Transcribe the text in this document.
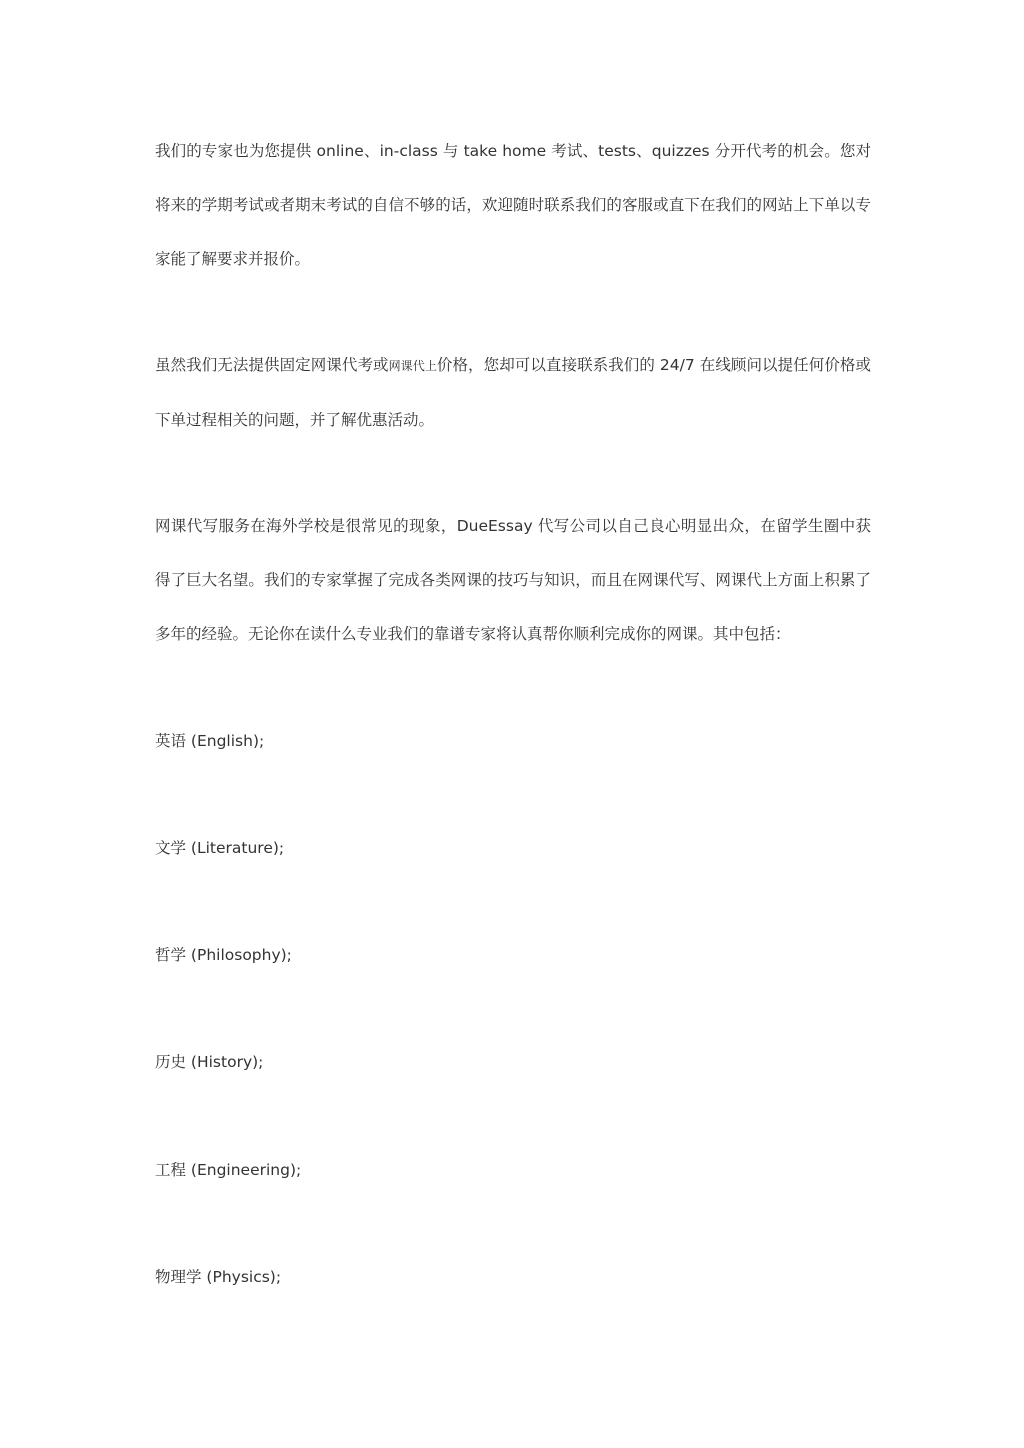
我们的专家也为您提供 online、in-class 与 take home 考试、tests、quizzes 分开代考的机会。您对将来的学期考试或者期末考试的自信不够的话，欢迎随时联系我们的客服或直下在我们的网站上下单以专家能了解要求并报价。

虽然我们无法提供固定网课代考或网课代上价格，您却可以直接联系我们的 24/7 在线顾问以提任何价格或下单过程相关的问题，并了解优惠活动。

网课代写服务在海外学校是很常见的现象，DueEssay 代写公司以自己良心明显出众，在留学生圈中获得了巨大名望。我们的专家掌握了完成各类网课的技巧与知识，而且在网课代写、网课代上方面上积累了多年的经验。无论你在读什么专业我们的靠谱专家将认真帮你顺利完成你的网课。其中包括：

英语 (English);

文学 (Literature);

哲学 (Philosophy);

历史 (History);

工程 (Engineering);

物理学 (Physics);
